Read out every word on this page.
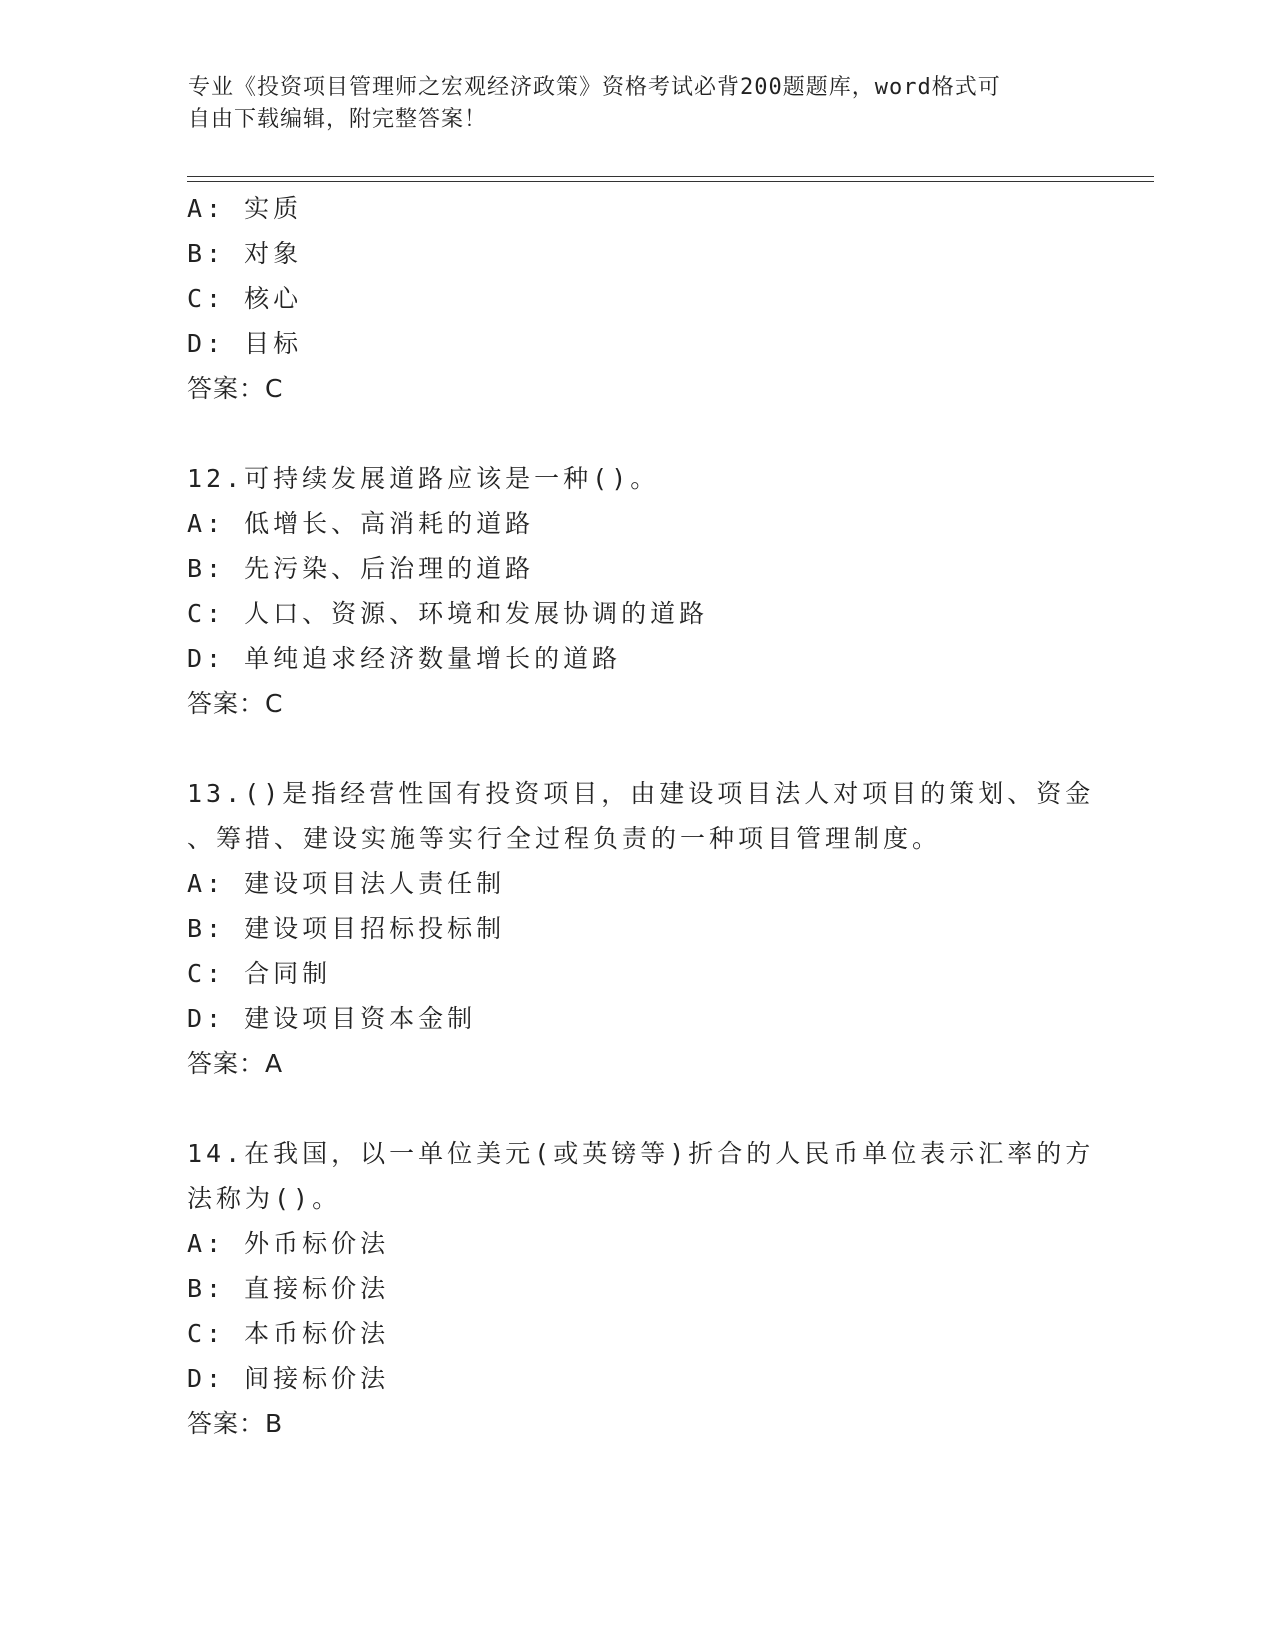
专业《投资项目管理师之宏观经济政策》资格考试必背200题题库，word格式可
自由下载编辑，附完整答案！
A: 实质
B: 对象
C: 核心
D: 目标
答案：C
12.可持续发展道路应该是一种()。
A: 低增长、高消耗的道路
B: 先污染、后治理的道路
C: 人口、资源、环境和发展协调的道路
D: 单纯追求经济数量增长的道路
答案：C
13.()是指经营性国有投资项目，由建设项目法人对项目的策划、资金
、筹措、建设实施等实行全过程负责的一种项目管理制度。
A: 建设项目法人责任制
B: 建设项目招标投标制
C: 合同制
D: 建设项目资本金制
答案：A
14.在我国，以一单位美元(或英镑等)折合的人民币单位表示汇率的方
法称为()。
A: 外币标价法
B: 直接标价法
C: 本币标价法
D: 间接标价法
答案：B
